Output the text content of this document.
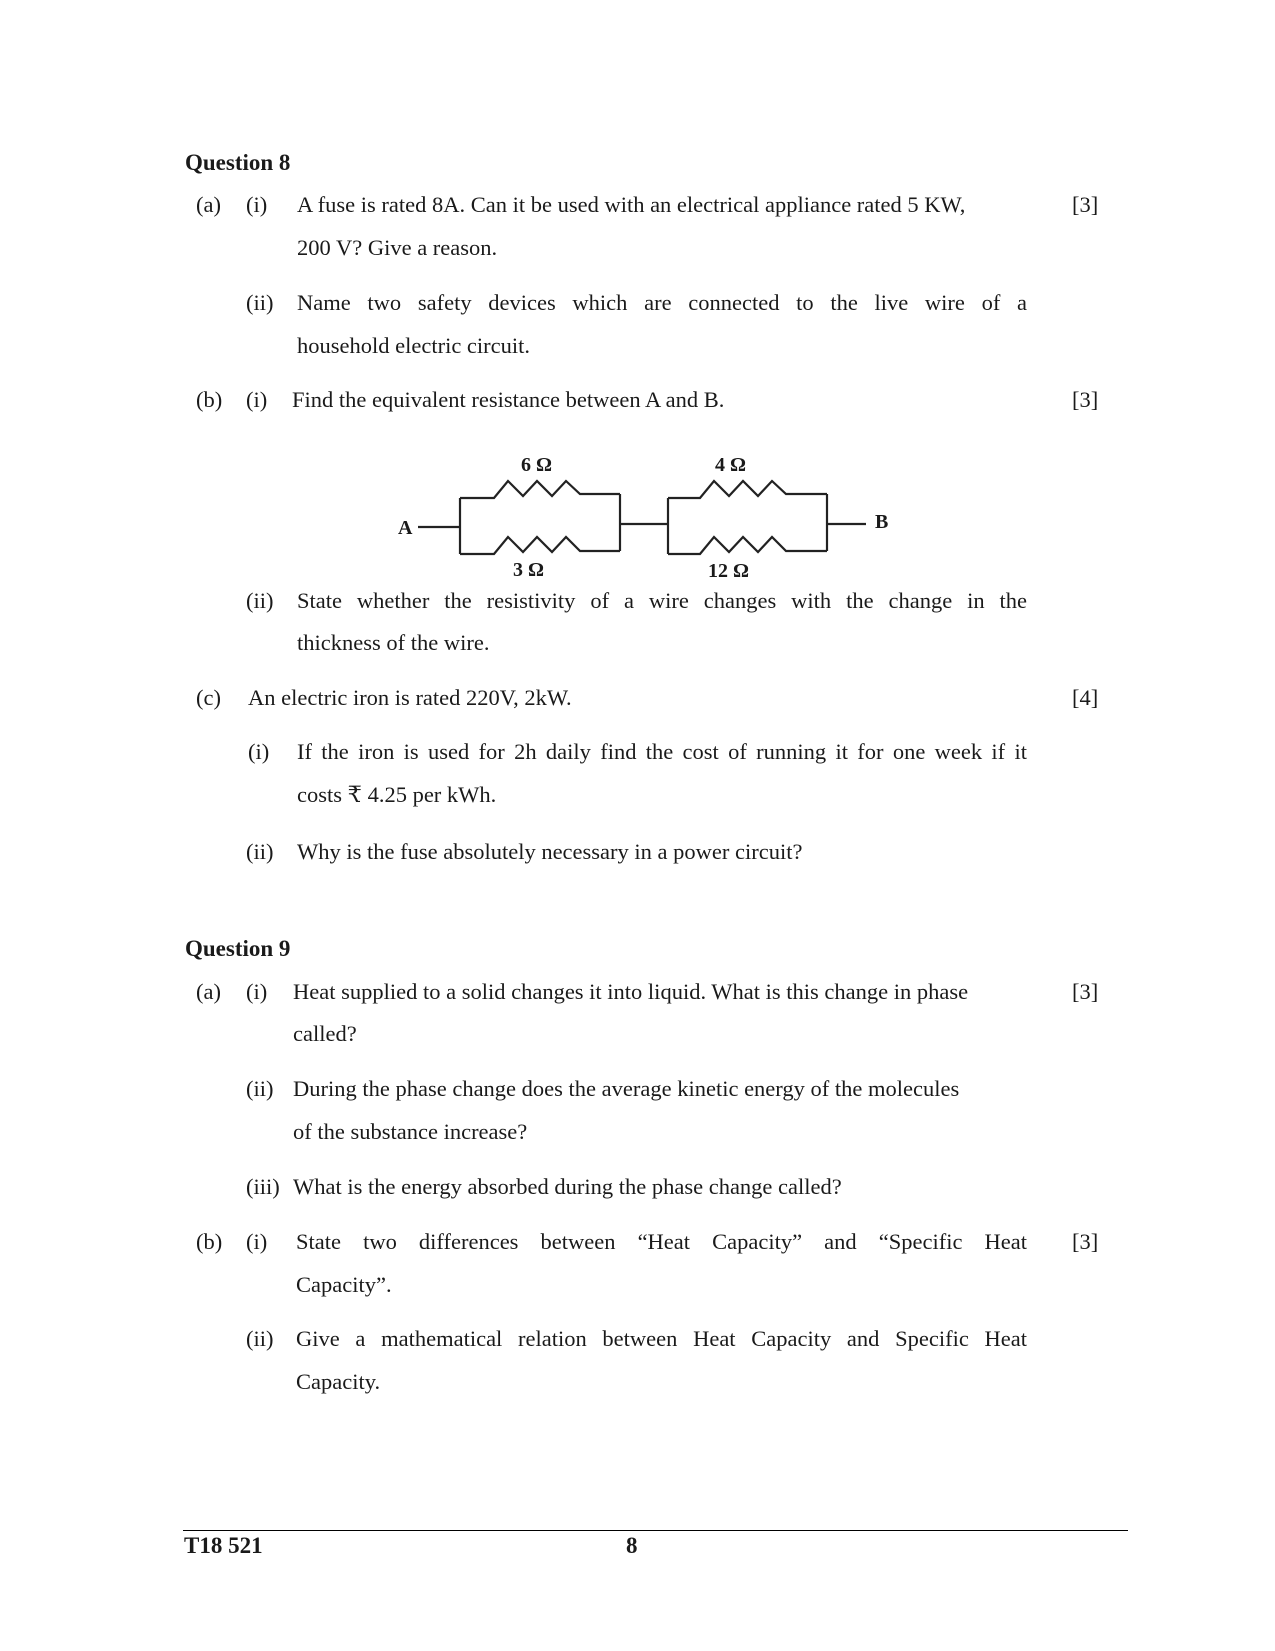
Question 8
(a) (i) A fuse is rated 8A. Can it be used with an electrical appliance rated 5 KW,	[3]
200 V? Give a reason.
(ii) Name two safety devices which are connected to the live wire of a
household electric circuit.
(b) (i) Find the equivalent resistance between A and B.	[3]
A	B
6 Ω
3 Ω
4 Ω
12 Ω
(ii) State whether the resistivity of a wire changes with the change in the
thickness of the wire.
(c) An electric iron is rated 220V, 2kW.	[4]
(i) If the iron is used for 2h daily find the cost of running it for one week if it
costs ₹ 4.25 per kWh.
(ii) Why is the fuse absolutely necessary in a power circuit?
Question 9
(a) (i) Heat supplied to a solid changes it into liquid. What is this change in phase	[3]
called?
(ii) During the phase change does the average kinetic energy of the molecules
of the substance increase?
(iii) What is the energy absorbed during the phase change called?
(b) (i) State two differences between “Heat Capacity” and “Specific Heat [3]
Capacity”.
(ii) Give a mathematical relation between Heat Capacity and Specific Heat
Capacity.
T18 521	8
